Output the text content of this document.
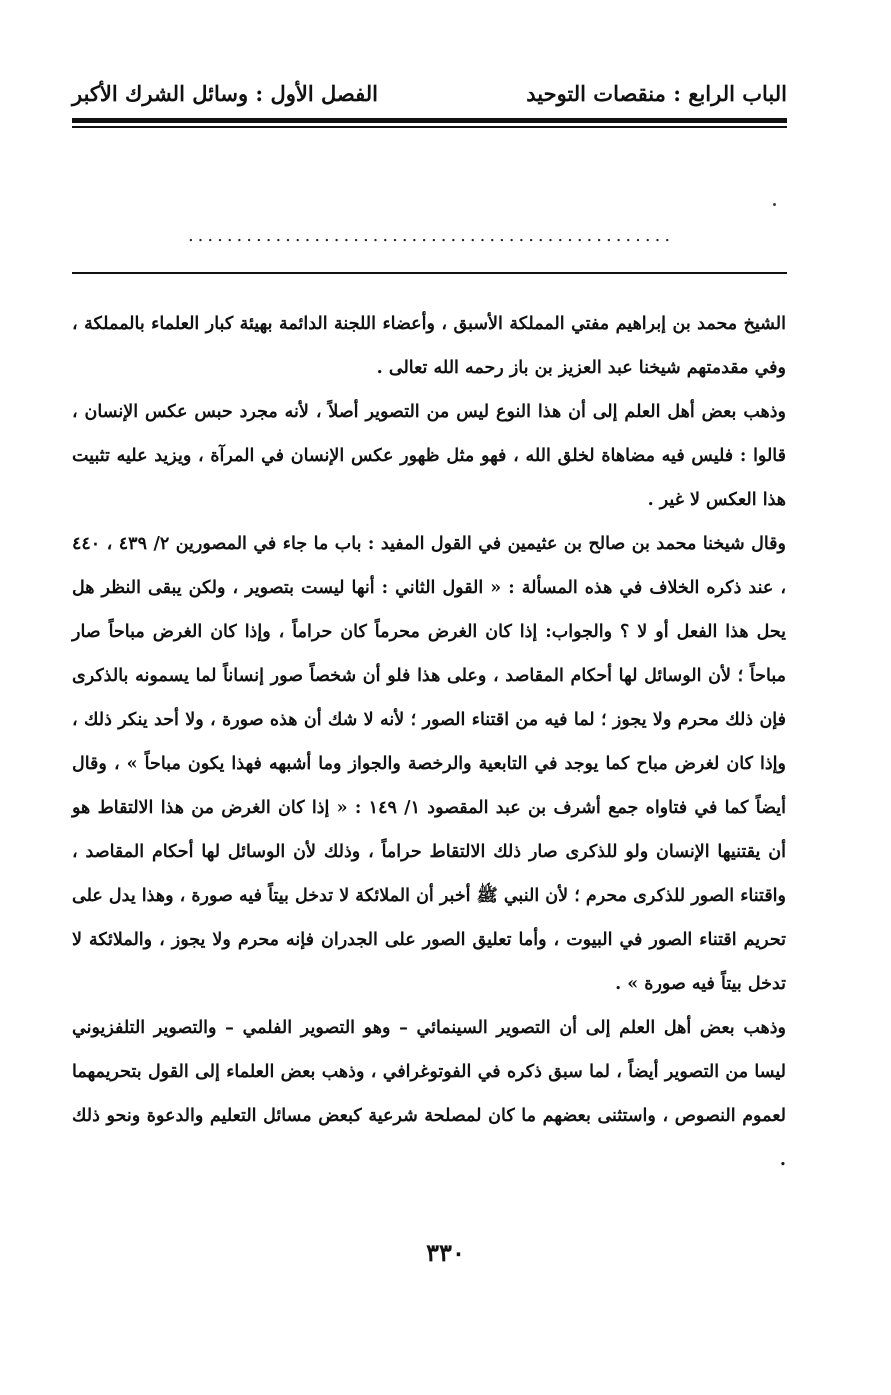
الباب الرابع : منقصات التوحيد
الفصل الأول : وسائل الشرك الأكبر
..................................................

الشيخ محمد بن إبراهيم مفتي المملكة الأسبق ، وأعضاء اللجنة الدائمة بهيئة كبار العلماء بالمملكة ، وفي مقدمتهم شيخنا عبد العزيز بن باز رحمه الله تعالى .

وذهب بعض أهل العلم إلى أن هذا النوع ليس من التصوير أصلاً ، لأنه مجرد حبس عكس الإنسان ، قالوا : فليس فيه مضاهاة لخلق الله ، فهو مثل ظهور عكس الإنسان في المرآة ، ويزيد عليه تثبيت هذا العكس لا غير .

وقال شيخنا محمد بن صالح بن عثيمين في القول المفيد : باب ما جاء في المصورين ٢/ ٤٣٩ ، ٤٤٠ ، عند ذكره الخلاف في هذه المسألة : « القول الثاني : أنها ليست بتصوير ، ولكن يبقى النظر هل يحل هذا الفعل أو لا ؟ والجواب: إذا كان الغرض محرماً كان حراماً ، وإذا كان الغرض مباحاً صار مباحاً ؛ لأن الوسائل لها أحكام المقاصد ، وعلى هذا فلو أن شخصاً صور إنساناً لما يسمونه بالذكرى فإن ذلك محرم ولا يجوز ؛ لما فيه من اقتناء الصور ؛ لأنه لا شك أن هذه صورة ، ولا أحد ينكر ذلك ، وإذا كان لغرض مباح كما يوجد في التابعية والرخصة والجواز وما أشبهه فهذا يكون مباحاً » ، وقال أيضاً كما في فتاواه جمع أشرف بن عبد المقصود ١/ ١٤٩ : « إذا كان الغرض من هذا الالتقاط هو أن يقتنيها الإنسان ولو للذكرى صار ذلك الالتقاط حراماً ، وذلك لأن الوسائل لها أحكام المقاصد ، واقتناء الصور للذكرى محرم ؛ لأن النبي ﷺ أخبر أن الملائكة لا تدخل بيتاً فيه صورة ، وهذا يدل على تحريم اقتناء الصور في البيوت ، وأما تعليق الصور على الجدران فإنه محرم ولا يجوز ، والملائكة لا تدخل بيتاً فيه صورة » .

وذهب بعض أهل العلم إلى أن التصوير السينمائي – وهو التصوير الفلمي – والتصوير التلفزيوني ليسا من التصوير أيضاً ، لما سبق ذكره في الفوتوغرافي ، وذهب بعض العلماء إلى القول بتحريمهما لعموم النصوص ، واستثنى بعضهم ما كان لمصلحة شرعية كبعض مسائل التعليم والدعوة ونحو ذلك .

٣٣٠
